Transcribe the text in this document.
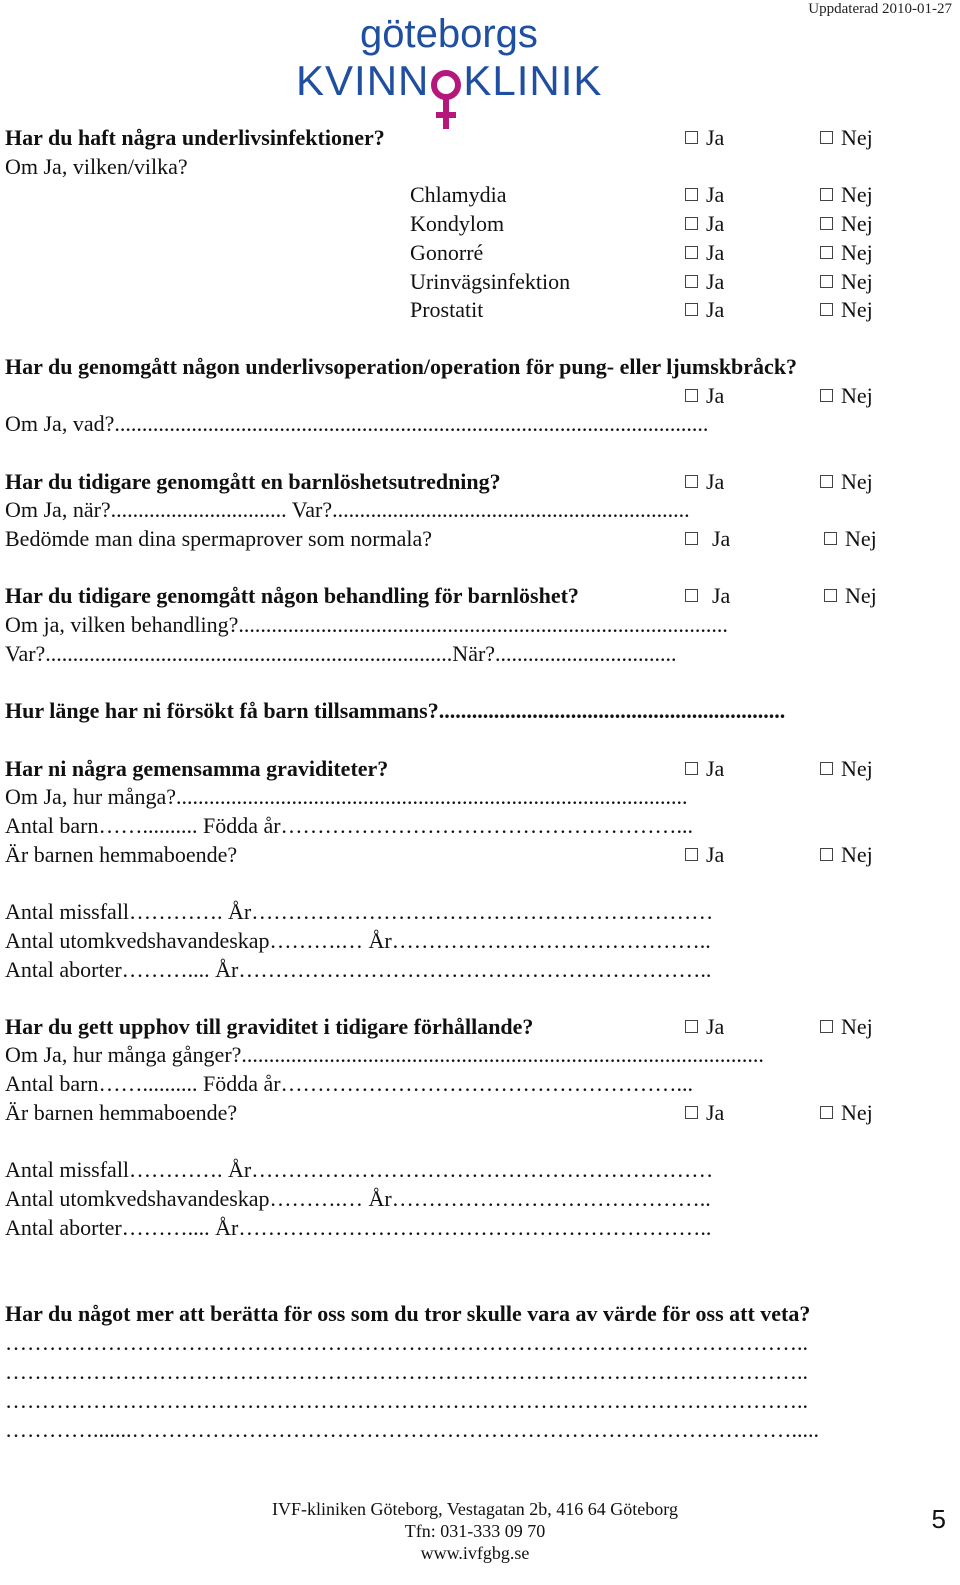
Uppdaterad 2010-01-27
göteborgs
KVINN KLINIK
Har du haft några underlivsinfektioner?	Ja	Nej
Om Ja, vilken/vilka?
Chlamydia	Ja	Nej
Kondylom	Ja	Nej
Gonorré	Ja	Nej
Urinvägsinfektion	Ja	Nej
Prostatit	Ja	Nej
Har du genomgått någon underlivsoperation/operation för pung- eller ljumskbråck?
Ja	Nej
Om Ja, vad?............................................................................................................
Har du tidigare genomgått en barnlöshetsutredning?	Ja	Nej
Om Ja, när?................................ Var?.................................................................
Bedömde man dina spermaprover som normala?	Ja	Nej
Har du tidigare genomgått någon behandling för barnlöshet?	Ja	Nej
Om ja, vilken behandling?.........................................................................................
Var?..........................................................................När?.................................
Hur länge har ni försökt få barn tillsammans?...............................................................
Har ni några gemensamma graviditeter?	Ja	Nej
Om Ja, hur många?.............................................................................................
Antal barn…….......... Födda år………………………………………………...
Är barnen hemmaboende?	Ja	Nej
Antal missfall…………. År………………………………………………………
Antal utomkvedshavandeskap……….… År……………………………………..
Antal aborter……….... År………………………………………………………..
Har du gett upphov till graviditet i tidigare förhållande?	Ja	Nej
Om Ja, hur många gånger?...............................................................................................
Antal barn…….......... Födda år………………………………………………...
Är barnen hemmaboende?	Ja	Nej
Antal missfall…………. År………………………………………………………
Antal utomkvedshavandeskap……….… År……………………………………..
Antal aborter……….... År………………………………………………………..
Har du något mer att berätta för oss som du tror skulle vara av värde för oss att veta?
………………………………………………………………………………………………..
………………………………………………………………………………………………..
………………………………………………………………………………………………..
………….......……………………………………………………………………………….....
IVF-kliniken Göteborg, Vestagatan 2b, 416 64 Göteborg
Tfn: 031-333 09 70
www.ivfgbg.se
5
